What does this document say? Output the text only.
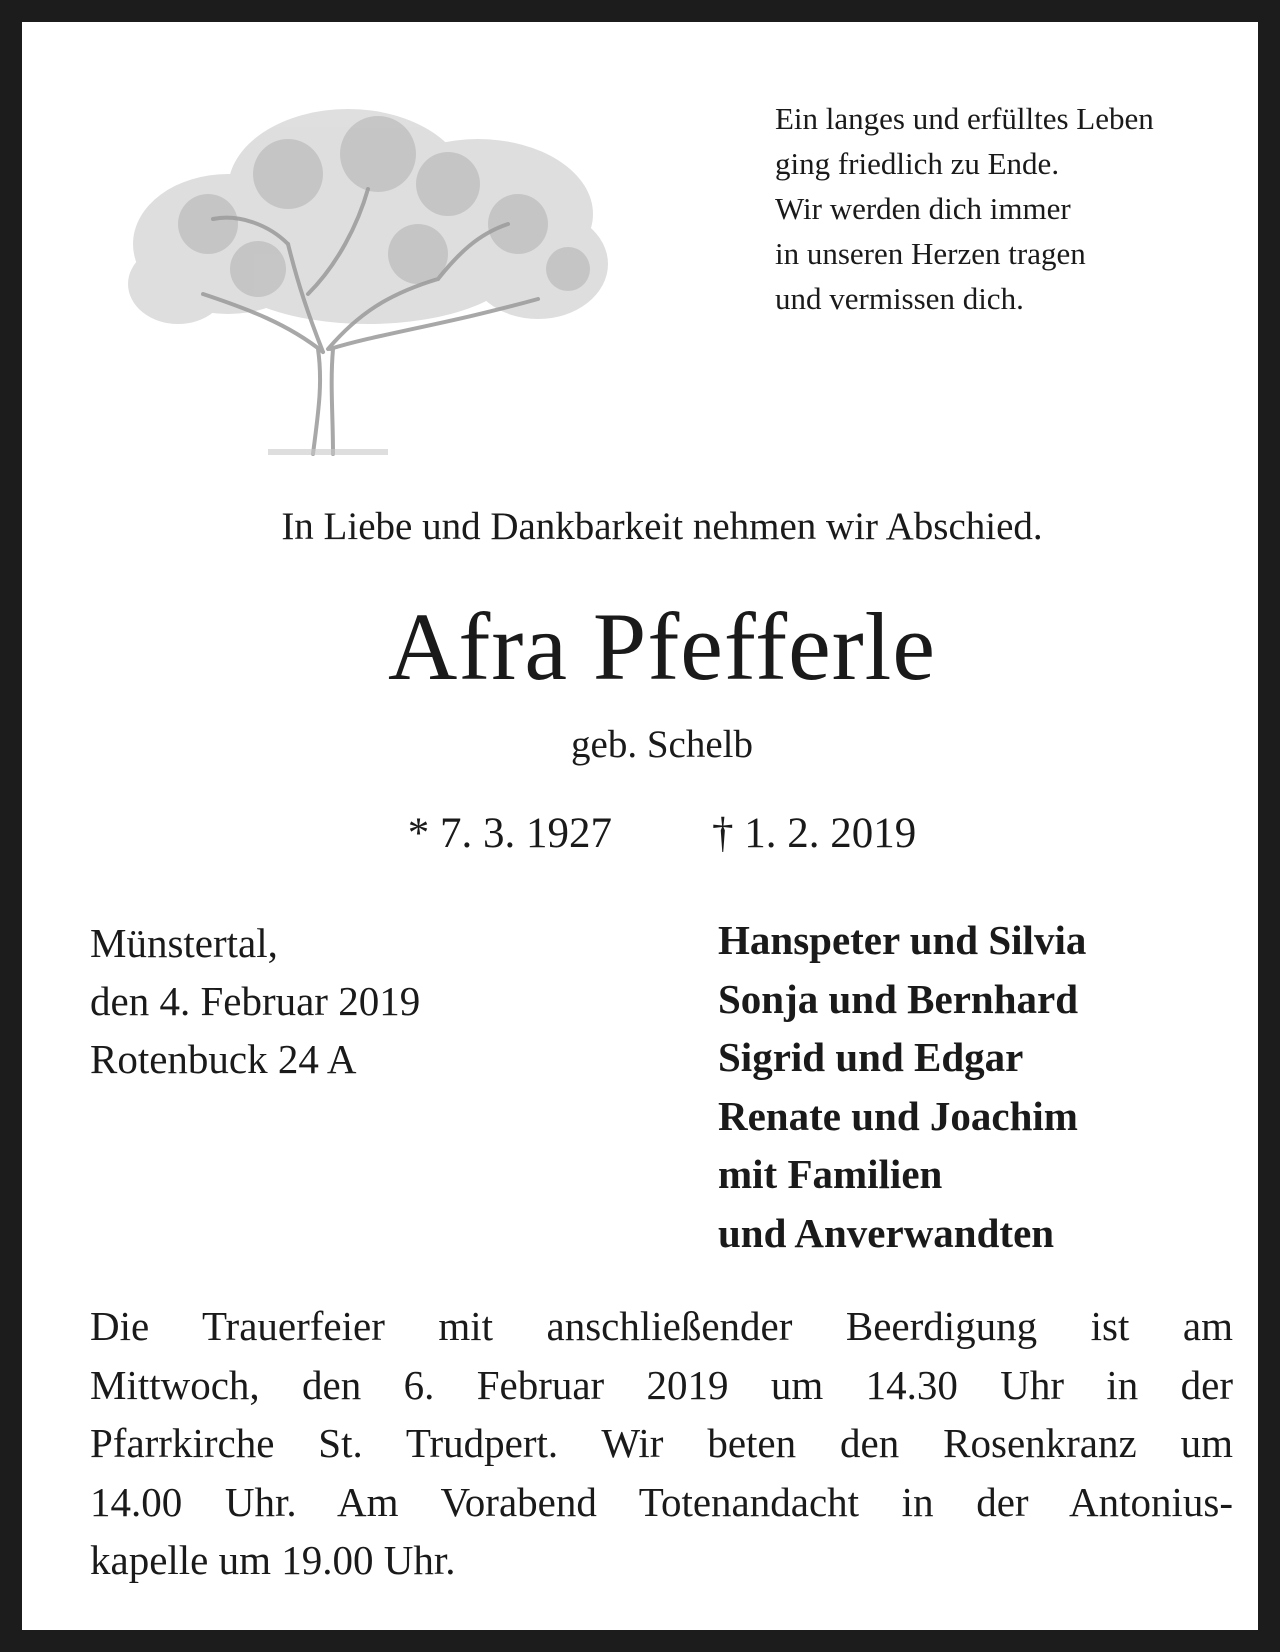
Ein langes und erfülltes Leben
ging friedlich zu Ende.
Wir werden dich immer
in unseren Herzen tragen
und vermissen dich.
In Liebe und Dankbarkeit nehmen wir Abschied.
Afra Pfefferle
geb. Schelb
* 7. 3. 1927 † 1. 2. 2019
Münstertal,
den 4. Februar 2019
Rotenbuck 24 A
Hanspeter und Silvia
Sonja und Bernhard
Sigrid und Edgar
Renate und Joachim
mit Familien
und Anverwandten
Die Trauerfeier mit anschließender Beerdigung ist am
Mittwoch, den 6. Februar 2019 um 14.30 Uhr in der
Pfarrkirche St. Trudpert. Wir beten den Rosenkranz um
14.00 Uhr. Am Vorabend Totenandacht in der Antonius-
kapelle um 19.00 Uhr.
